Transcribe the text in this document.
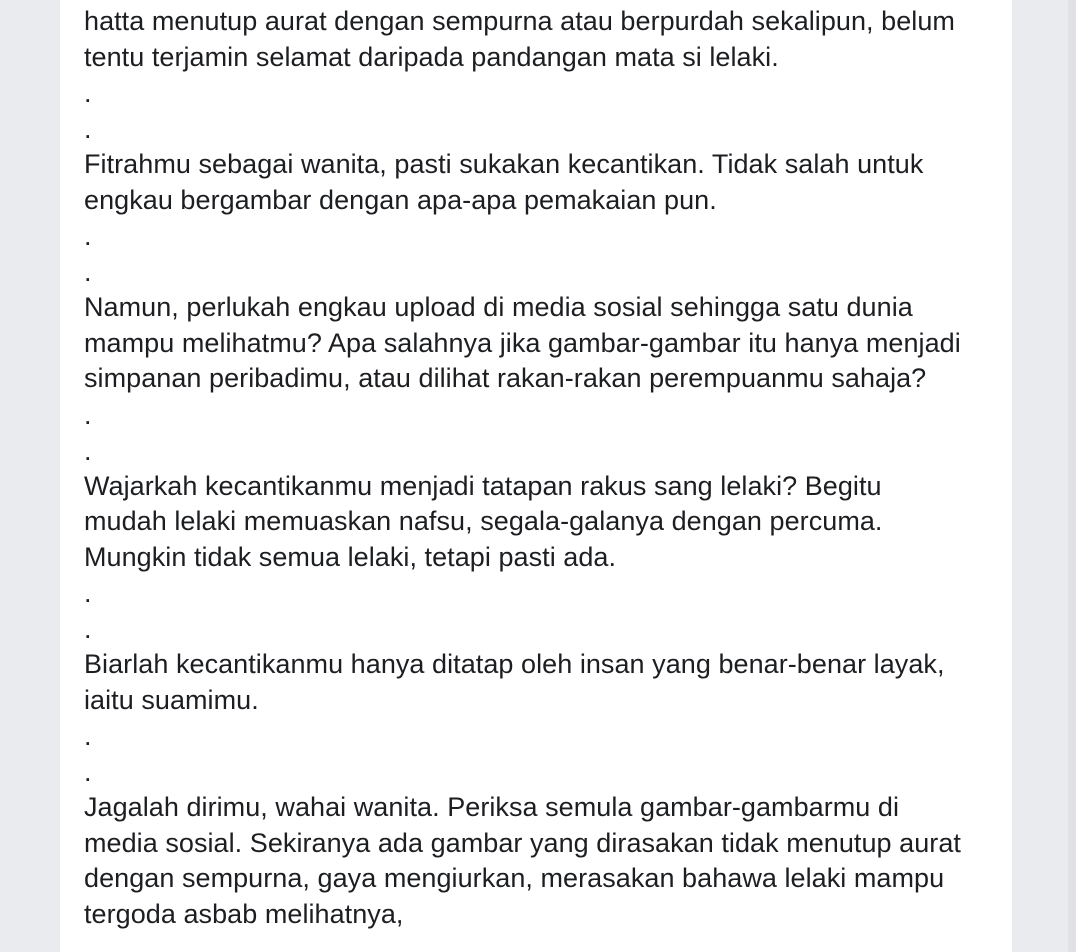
hatta menutup aurat dengan sempurna atau berpurdah sekalipun, belum
tentu terjamin selamat daripada pandangan mata si lelaki.

.

.

Fitrahmu sebagai wanita, pasti sukakan kecantikan. Tidak salah untuk
engkau bergambar dengan apa-apa pemakaian pun.

.

.

Namun, perlukah engkau upload di media sosial sehingga satu dunia
mampu melihatmu? Apa salahnya jika gambar-gambar itu hanya menjadi
simpanan peribadimu, atau dilihat rakan-rakan perempuanmu sahaja?

.

.

Wajarkah kecantikanmu menjadi tatapan rakus sang lelaki? Begitu
mudah lelaki memuaskan nafsu, segala-galanya dengan percuma.
Mungkin tidak semua lelaki, tetapi pasti ada.

.

.

Biarlah kecantikanmu hanya ditatap oleh insan yang benar-benar layak,
iaitu suamimu.

.

.

Jagalah dirimu, wahai wanita. Periksa semula gambar-gambarmu di
media sosial. Sekiranya ada gambar yang dirasakan tidak menutup aurat
dengan sempurna, gaya mengiurkan, merasakan bahawa lelaki mampu
tergoda asbab melihatnya,
